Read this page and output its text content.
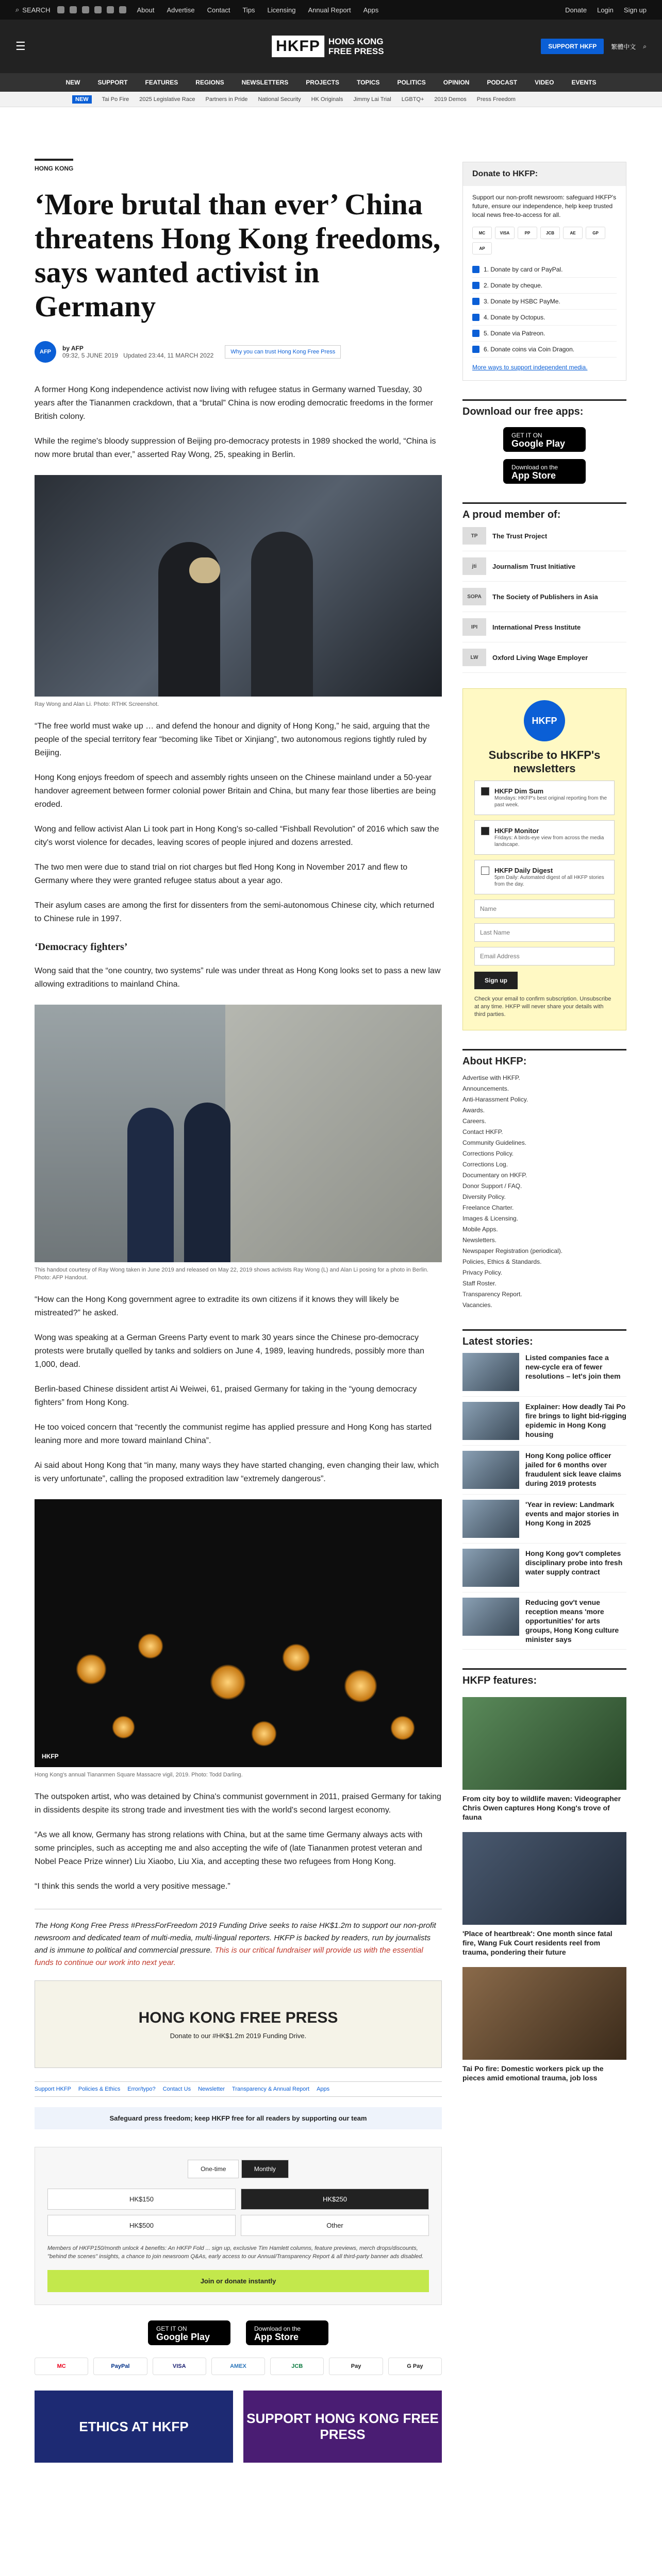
⌕ SEARCH	About Advertise Contact Tips Licensing Annual Report Apps	Donate Login Sign up
☰	HKFP HONG KONG FREE PRESS	SUPPORT HKFP	繁體中文 ⌕
NEW	SUPPORT	FEATURES	REGIONS	NEWSLETTERS	PROJECTS	TOPICS	POLITICS	OPINION	PODCAST	VIDEO	EVENTS
NEW	Tai Po Fire 2025 Legislative Race Partners in Pride National Security HK Originals Jimmy Lai Trial LGBTQ+ 2019 Demos Press Freedom
HONG KONG
‘More brutal than ever’ China threatens Hong Kong freedoms, says wanted activist in Germany
AFP	by AFP
09:32, 5 JUNE 2019 Updated 23:44, 11 MARCH 2022	Why you can trust Hong Kong Free Press

A former Hong Kong independence activist now living with refugee status in Germany warned Tuesday, 30 years after the Tiananmen crackdown, that a “brutal” China is now eroding democratic freedoms in the former British colony.

While the regime's bloody suppression of Beijing pro-democracy protests in 1989 shocked the world, “China is now more brutal than ever,” asserted Ray Wong, 25, speaking in Berlin.

Ray Wong and Alan Li. Photo: RTHK Screenshot.

“The free world must wake up … and defend the honour and dignity of Hong Kong,” he said, arguing that the people of the special territory fear “becoming like Tibet or Xinjiang”, two autonomous regions tightly ruled by Beijing.

Hong Kong enjoys freedom of speech and assembly rights unseen on the Chinese mainland under a 50-year handover agreement between former colonial power Britain and China, but many fear those liberties are being eroded.

Wong and fellow activist Alan Li took part in Hong Kong's so-called “Fishball Revolution” of 2016 which saw the city's worst violence for decades, leaving scores of people injured and dozens arrested.

The two men were due to stand trial on riot charges but fled Hong Kong in November 2017 and flew to Germany where they were granted refugee status about a year ago.

Their asylum cases are among the first for dissenters from the semi-autonomous Chinese city, which returned to Chinese rule in 1997.

‘Democracy fighters’

Wong said that the “one country, two systems” rule was under threat as Hong Kong looks set to pass a new law allowing extraditions to mainland China.

This handout courtesy of Ray Wong taken in June 2019 and released on May 22, 2019 shows activists Ray Wong (L) and Alan Li posing for a photo in Berlin. Photo: AFP Handout.

“How can the Hong Kong government agree to extradite its own citizens if it knows they will likely be mistreated?” he asked.

Wong was speaking at a German Greens Party event to mark 30 years since the Chinese pro-democracy protests were brutally quelled by tanks and soldiers on June 4, 1989, leaving hundreds, possibly more than 1,000, dead.

Berlin-based Chinese dissident artist Ai Weiwei, 61, praised Germany for taking in the “young democracy fighters” from Hong Kong.

He too voiced concern that “recently the communist regime has applied pressure and Hong Kong has started leaning more and more toward mainland China”.

Ai said about Hong Kong that “in many, many ways they have started changing, even changing their law, which is very unfortunate”, calling the proposed extradition law “extremely dangerous”.

HKFP
Hong Kong's annual Tiananmen Square Massacre vigil, 2019. Photo: Todd Darling.

The outspoken artist, who was detained by China's communist government in 2011, praised Germany for taking in dissidents despite its strong trade and investment ties with the world's second largest economy.

“As we all know, Germany has strong relations with China, but at the same time Germany always acts with some principles, such as accepting me and also accepting the wife of (late Tiananmen protest veteran and Nobel Peace Prize winner) Liu Xiaobo, Liu Xia, and accepting these two refugees from Hong Kong.

“I think this sends the world a very positive message.”

The Hong Kong Free Press #PressForFreedom 2019 Funding Drive seeks to raise HK$1.2m to support our non-profit newsroom and dedicated team of multi-media, multi-lingual reporters. HKFP is backed by readers, run by journalists and is immune to political and commercial pressure. This is our critical fundraiser will provide us with the essential funds to continue our work into next year.

HONG KONG FREE PRESS
Donate to our #HK$1.2m 2019 Funding Drive.
Support HKFP Policies & Ethics Error/typo? Contact Us Newsletter Transparency & Annual Report Apps
Safeguard press freedom; keep HKFP free for all readers by supporting our team
One-time	Monthly
HK$150	HK$250
HK$500	Other

Members of HKFP150/month unlock 4 benefits: An HKFP Fold ... sign up, exclusive Tim Hamlett columns, feature previews, merch drops/discounts, "behind the scenes" insights, a chance to join newsroom Q&As, early access to our Annual/Transparency Report & all third-party banner ads disabled.

Join or donate instantly
GET IT ON
Google Play
Download on the
App Store
MC	PayPal	VISA	AMEX	JCB	Pay	G Pay
ETHICS AT HKFP
SUPPORT HONG KONG FREE PRESS
Donate to HKFP:

Support our non-profit newsroom: safeguard HKFP's future, ensure our independence, help keep trusted local news free-to-access for all.

MC	VISA	PP	JCB	AE	GP
AP
1. Donate by card or PayPal.
2. Donate by cheque.
3. Donate by HSBC PayMe.
4. Donate by Octopus.
5. Donate via Patreon.
6. Donate coins via Coin Dragon.
More ways to support independent media.
Download our free apps:
GET IT ON
Google Play
Download on the
App Store
A proud member of:
TP	The Trust Project
jti	Journalism Trust Initiative
SOPA	The Society of Publishers in Asia
IPI	International Press Institute
LW	Oxford Living Wage Employer
HKFP
Subscribe to HKFP's newsletters
HKFP Dim Sum
Mondays: HKFP's best original reporting from the past week.
HKFP Monitor
Fridays: A birds-eye view from across the media landscape.
HKFP Daily Digest
5pm Daily: Automated digest of all HKFP stories from the day.
Name
Last Name
Email Address
Sign up

Check your email to confirm subscription. Unsubscribe at any time. HKFP will never share your details with third parties.

About HKFP:
Advertise with HKFP.
Announcements.
Anti-Harassment Policy.
Awards.
Careers.
Contact HKFP.
Community Guidelines.
Corrections Policy.
Corrections Log.
Documentary on HKFP.
Donor Support / FAQ.
Diversity Policy.
Freelance Charter.
Images & Licensing.
Mobile Apps.
Newsletters.
Newspaper Registration (periodical).
Policies, Ethics & Standards.
Privacy Policy.
Staff Roster.
Transparency Report.
Vacancies.
Latest stories:
Listed companies face a new-cycle era of fewer resolutions – let's join them
Explainer: How deadly Tai Po fire brings to light bid-rigging epidemic in Hong Kong housing
Hong Kong police officer jailed for 6 months over fraudulent sick leave claims during 2019 protests
'Year in review: Landmark events and major stories in Hong Kong in 2025
Hong Kong gov't completes disciplinary probe into fresh water supply contract
Reducing gov't venue reception means 'more opportunities' for arts groups, Hong Kong culture minister says
HKFP features:
From city boy to wildlife maven: Videographer Chris Owen captures Hong Kong's trove of fauna
'Place of heartbreak': One month since fatal fire, Wang Fuk Court residents reel from trauma, pondering their future
Tai Po fire: Domestic workers pick up the pieces amid emotional trauma, job loss
